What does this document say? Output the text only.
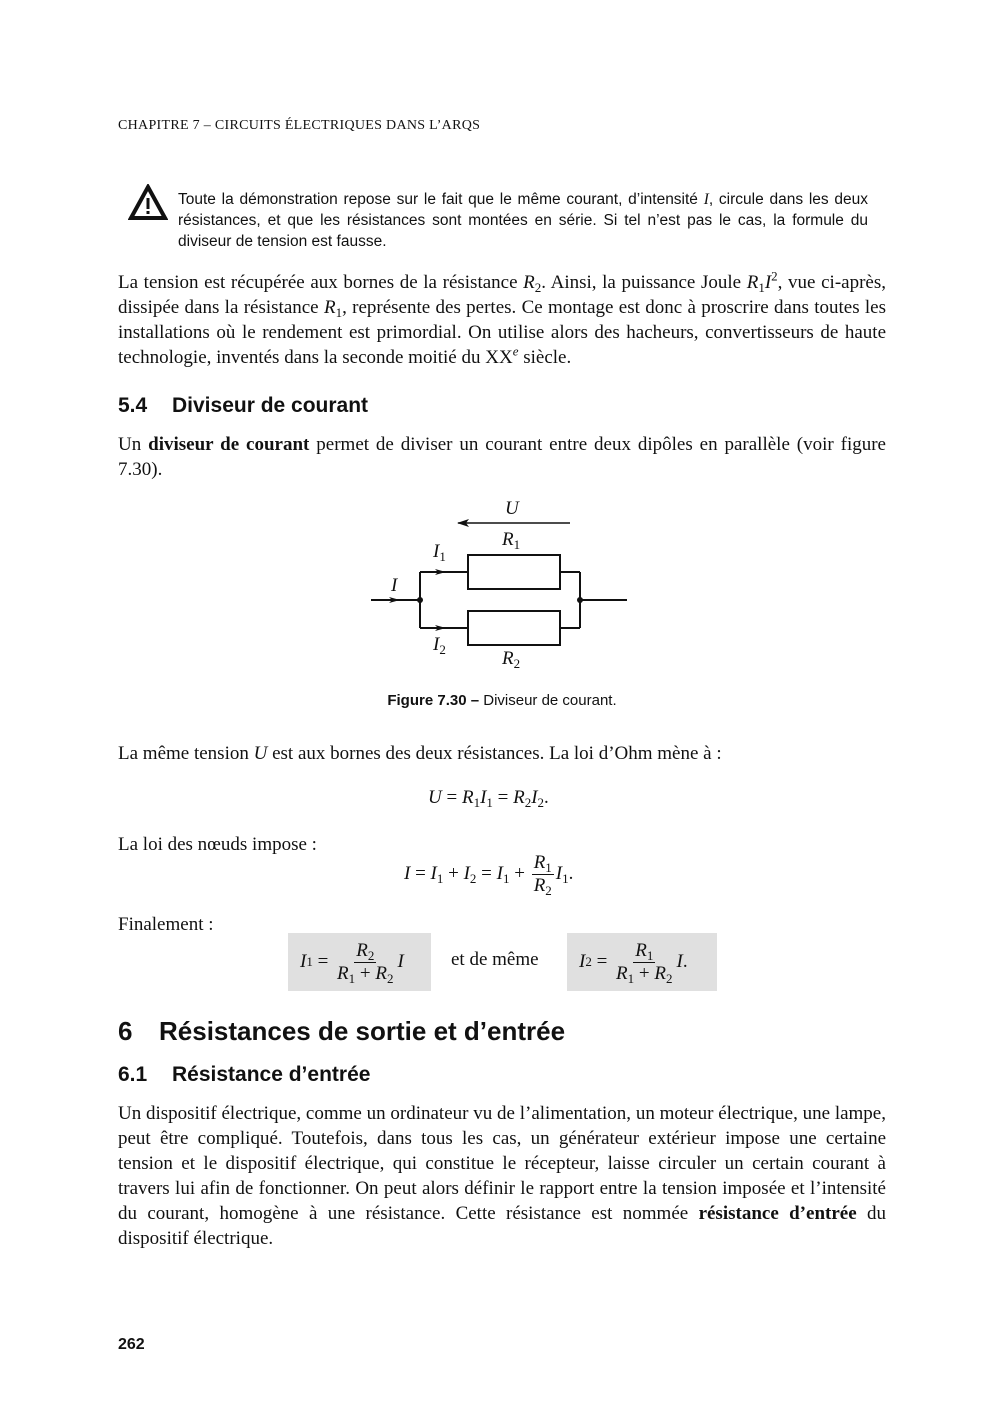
CHAPITRE 7 – CIRCUITS ÉLECTRIQUES DANS L’ARQS
Toute la démonstration repose sur le fait que le même courant, d’intensité I, circule dans les deux résistances, et que les résistances sont montées en série. Si tel n’est pas le cas, la formule du diviseur de tension est fausse.
La tension est récupérée aux bornes de la résistance $R_2$. Ainsi, la puissance Joule $R_1I^2$, vue ci-après, dissipée dans la résistance $R_1$, représente des pertes. Ce montage est donc à proscrire dans toutes les installations où le rendement est primordial. On utilise alors des hacheurs, convertisseurs de haute technologie, inventés dans la seconde moitié du XXe siècle.
5.4 Diviseur de courant
Un diviseur de courant permet de diviser un courant entre deux dipôles en parallèle (voir figure 7.30).
U
$R_1$
$I_1$
I
$I_2$	$R_2$
Figure 7.30 – Diviseur de courant.
La même tension U est aux bornes des deux résistances. La loi d’Ohm mène à :
$U = R_1I_1 = R_2I_2$.
La loi des nœuds impose :
$I = I_1 + I_2 = I_1 + \frac{R_1}{R_2} I_1$.
Finalement :
I $1 = \frac{R_2}{R_1 + R_2}$ I et de même I $2 = \frac{R_1}{R_1 + R_2}$ I .
6 Résistances de sortie et d’entrée
6.1 Résistance d’entrée
Un dispositif électrique, comme un ordinateur vu de l’alimentation, un moteur électrique, une lampe, peut être compliqué. Toutefois, dans tous les cas, un générateur extérieur impose une certaine tension et le dispositif électrique, qui constitue le récepteur, laisse circuler un certain courant à travers lui afin de fonctionner. On peut alors définir le rapport entre la tension imposée et l’intensité du courant, homogène à une résistance. Cette résistance est nommée résistance d’entrée du dispositif électrique.
262
